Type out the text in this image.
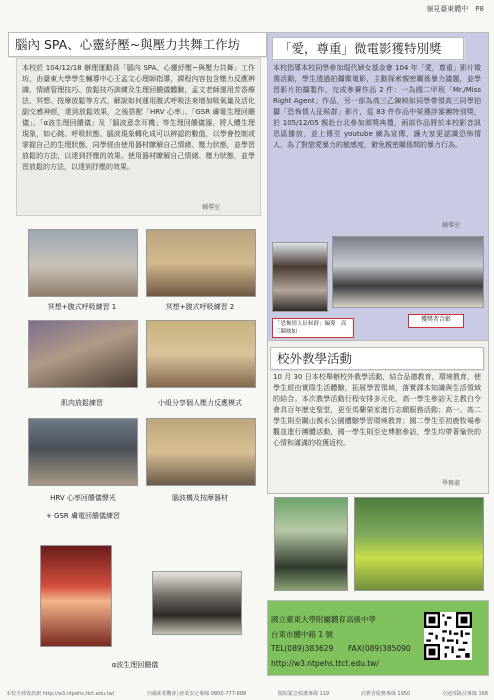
嶺見臺東體中　P8
腦內 SPA、心靈紓壓~與壓力共舞工作坊
本校於 104/12/18 辦理運動員「腦內 SPA、心靈紓壓~與壓力共舞」工作坊，由臺東大學學生輔導中心王孟文心理師指導，課程內容包含壓力反應辨識、情緒管理技巧、放鬆技巧訓練及生理回饋儀體驗，孟文老師運用芳香療法、冥想、按摩放鬆等方式，解說如何運用腹式呼吸法來增加吸氧量及活化副交感神經，達到放鬆效果，之後搭配「HRV 心率」、「GSR 膚電生理回饋儀」、「α波生理回饋儀」及「腦波意念耳機」等生理回饋儀器，將人體生理現象，如心跳、呼吸狀態、腦波現象轉化成可以辨認的數值，以學會控制或掌握自己的生理狀態，同學經由使用器材瞭解自己情緒、壓力狀態，並學習放鬆的方法，以達到抒壓的效果。使用器材瞭解自己情緒、壓力狀態，並學習放鬆的方法，以達到抒壓的效果。
輔導室
冥想+腹式呼吸練習 1	冥想+腹式呼吸練習 2
肌肉放鬆練習	小組分享個人壓力反應模式
HRV 心率回饋儀聲光	腦波機及按摩器材
+ GSR 膚電回饋儀練習
α波生理回饋儀
「愛，尊重」微電影獲特別獎
本校指導本校同學參加現代婦女基金會 104 年「愛，尊重」影片徵選活動，學生透過拍攝微電影，主動探索親密關係暴力議題，並學習影片拍攝製作，完成參賽作品 2 件：一為國二甲班「Mr./Miss Right Agent」作品，另一部為高三乙陳映如同學帶領高三同學拍攝「恐怖情人征候群」影片，從 83 件作品中榮獲評審團特別獎，於 105/12/05 親赴台北參加頒獎典禮，兩部作品將於本校影音訊息區播放，並上傳至 youtube 廣為宣傳，讓大家更認識恐怖情人，為了對戀愛暴力的敏感度，避免親密關係間的暴力行為。
輔導室
「恐怖情人征候群」編導　高三陳映如
獲獎者合影
校外教學活動
10 月 30 日本校舉辦校外教學活動，結合品德教育，環境教育，使學生經由實際生活體驗，拓展學習領域，落實課本知識與生活領域的結合。本次教學活動行程安排多元化，高一學生參訪天主教白令會具百年歷史聖堂，更至馬蘭榮家進行志願服務活動；高一、高二學生則至關山親水公園體驗學習環境教育；國二學生至初鹿牧場參觀並進行團體活動，國一學生則至史博館參訪，學生均帶著愉快的心情和滿滿的收獲返校。
學務處
國立臺東大學附屬體育高級中學
台東市體中路 1 號
TEL(089)383629 FAX(089)385090
http://w3.ntpehs.ttct.edu.tw/
本校全球資訊網 http://w3.ntpehs.ttct.edu.tw/	全國就業機會│就業安定專線 0800-777-888	醫院緊急救護專線 119	消費者服務專線 1950	交通部路況專線 168
